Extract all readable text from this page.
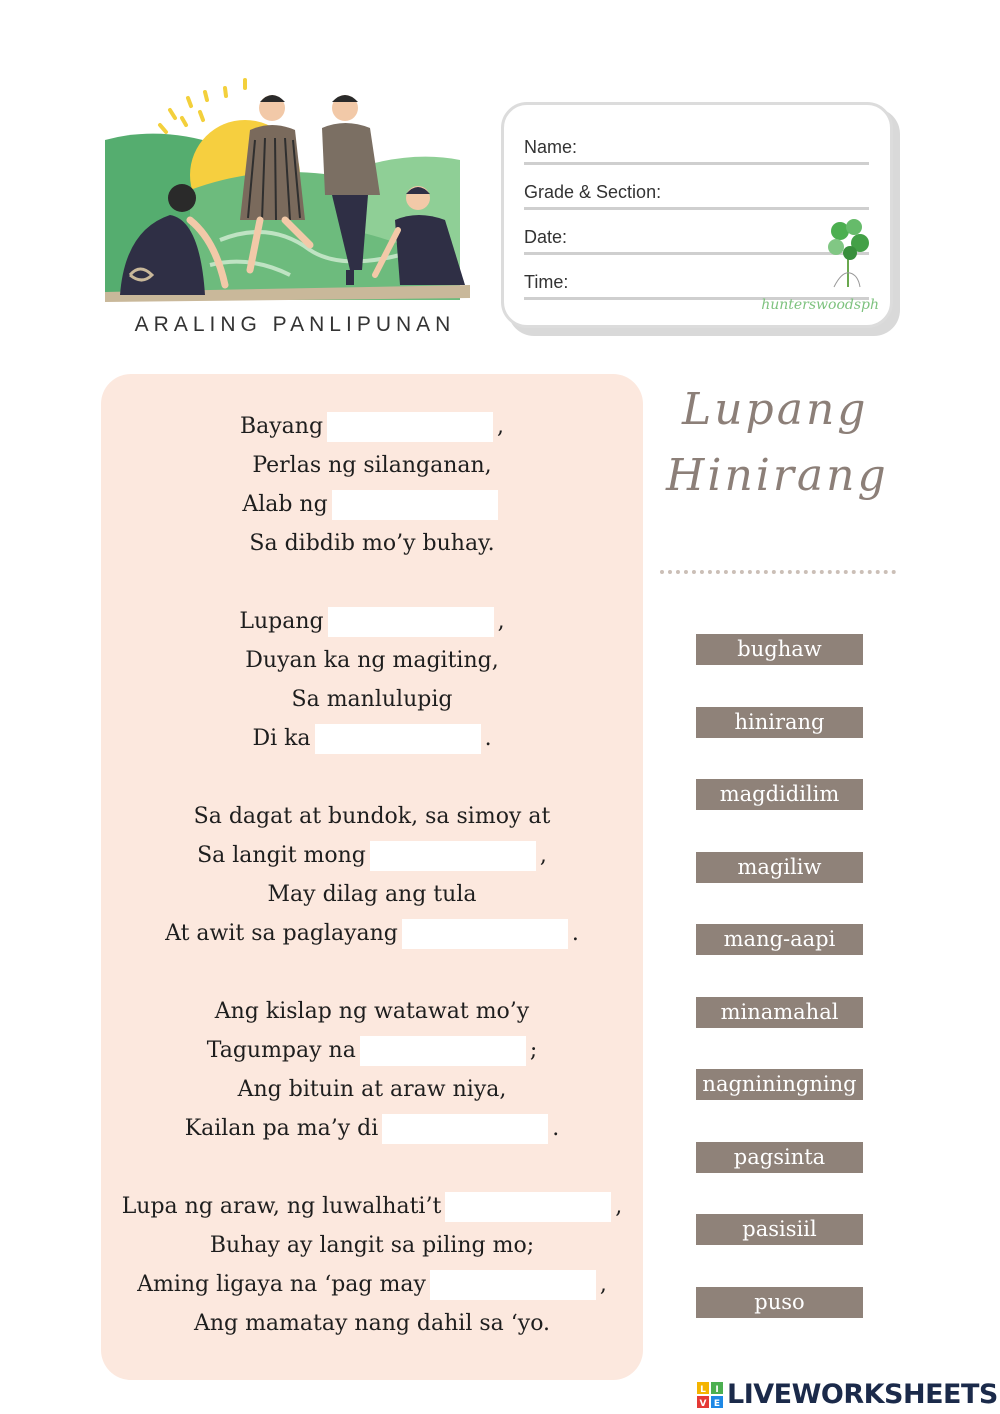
ARALING PANLIPUNAN
Name:
Grade & Section:
Date:
Time:
hunterswoodsph
Bayang	,
Perlas ng silanganan,
Alab ng
Sa dibdib mo’y buhay.
Lupang	,
Duyan ka ng magiting,
Sa manlulupig
Di ka	.
Sa dagat at bundok, sa simoy at
Sa langit mong	,
May dilag ang tula
At awit sa paglayang	.
Ang kislap ng watawat mo’y
Tagumpay na	;
Ang bituin at araw niya,
Kailan pa ma’y di	.
Lupa ng araw, ng luwalhati’t	,
Buhay ay langit sa piling mo;
Aming ligaya na ‘pag may	,
Ang mamatay nang dahil sa ‘yo.
Lupang
Hinirang
bughaw
hinirang
magdidilim
magiliw
mang-aapi
minamahal
nagniningning
pagsinta
pasisiil
puso
L I
V E LIVEWORKSHEETS
